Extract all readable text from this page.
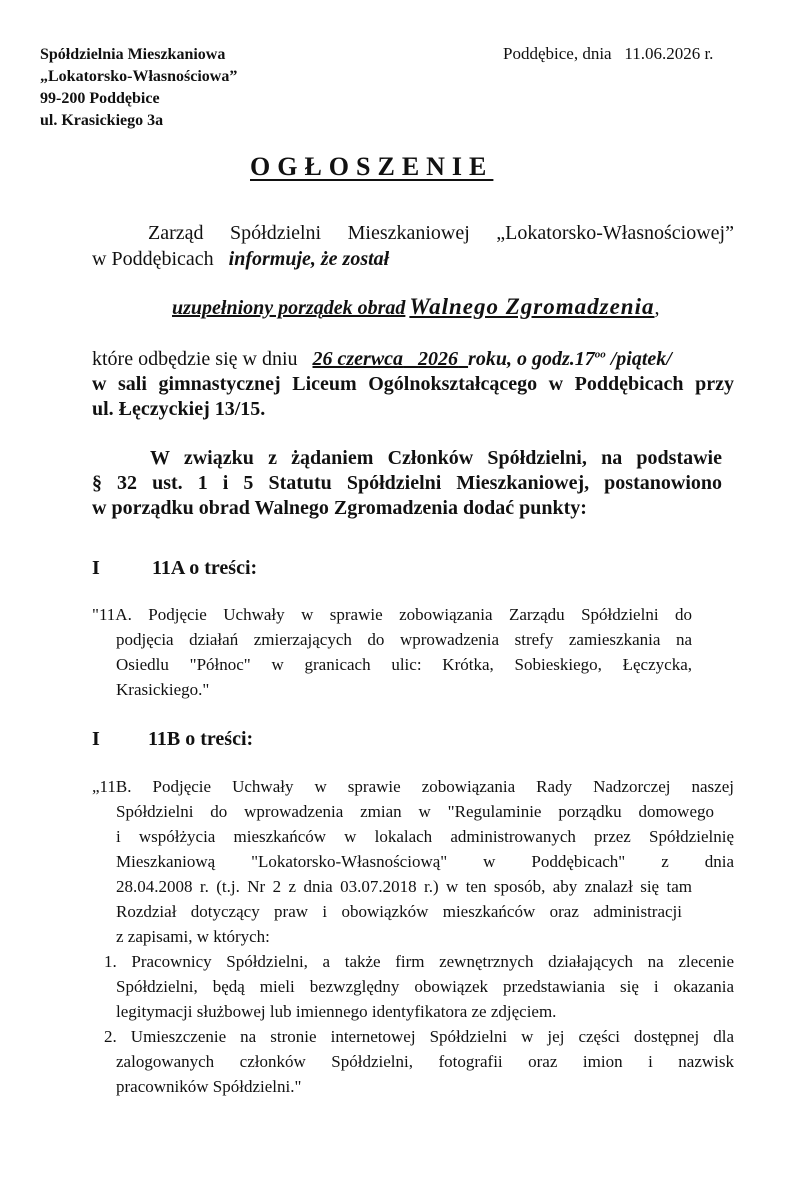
Spółdzielnia Mieszkaniowa
„Lokatorsko-Własnościowa”
99-200 Poddębice
ul. Krasickiego 3a
Poddębice, dnia 11.06.2026 r.
OGŁOSZENIE
Zarząd Spółdzielni Mieszkaniowej „Lokatorsko-Własnościowej”
w Poddębicach informuje, że został
uzupełniony porządek obrad Walnego Zgromadzenia,
które odbędzie się w dniu 26 czerwca 2026 roku, o $godz.17^{oo}$ /piątek/
w sali gimnastycznej Liceum Ogólnokształcącego w Poddębicach przy
ul. Łęczyckiej 13/15.
W związku z żądaniem Członków Spółdzielni, na podstawie
§ 32 ust. 1 i 5 Statutu Spółdzielni Mieszkaniowej, postanowiono
w porządku obrad Walnego Zgromadzenia dodać punkty:
I	11A o treści:
"11A. Podjęcie Uchwały w sprawie zobowiązania Zarządu Spółdzielni do
podjęcia działań zmierzających do wprowadzenia strefy zamieszkania na
Osiedlu "Północ" w granicach ulic: Krótka, Sobieskiego, Łęczycka,
Krasickiego."
I 11B o treści:
„11B. Podjęcie Uchwały w sprawie zobowiązania Rady Nadzorczej naszej
Spółdzielni do wprowadzenia zmian w "Regulaminie porządku domowego
i współżycia mieszkańców w lokalach administrowanych przez Spółdzielnię
Mieszkaniową "Lokatorsko-Własnościową" w Poddębicach" z dnia
28.04.2008 r. (t.j. Nr 2 z dnia 03.07.2018 r.) w ten sposób, aby znalazł się tam
Rozdział dotyczący praw i obowiązków mieszkańców oraz administracji
z zapisami, w których:
1. Pracownicy Spółdzielni, a także firm zewnętrznych działających na zlecenie
Spółdzielni, będą mieli bezwzględny obowiązek przedstawiania się i okazania
legitymacji służbowej lub imiennego identyfikatora ze zdjęciem.
2. Umieszczenie na stronie internetowej Spółdzielni w jej części dostępnej dla
zalogowanych członków Spółdzielni, fotografii oraz imion i nazwisk
pracowników Spółdzielni."
